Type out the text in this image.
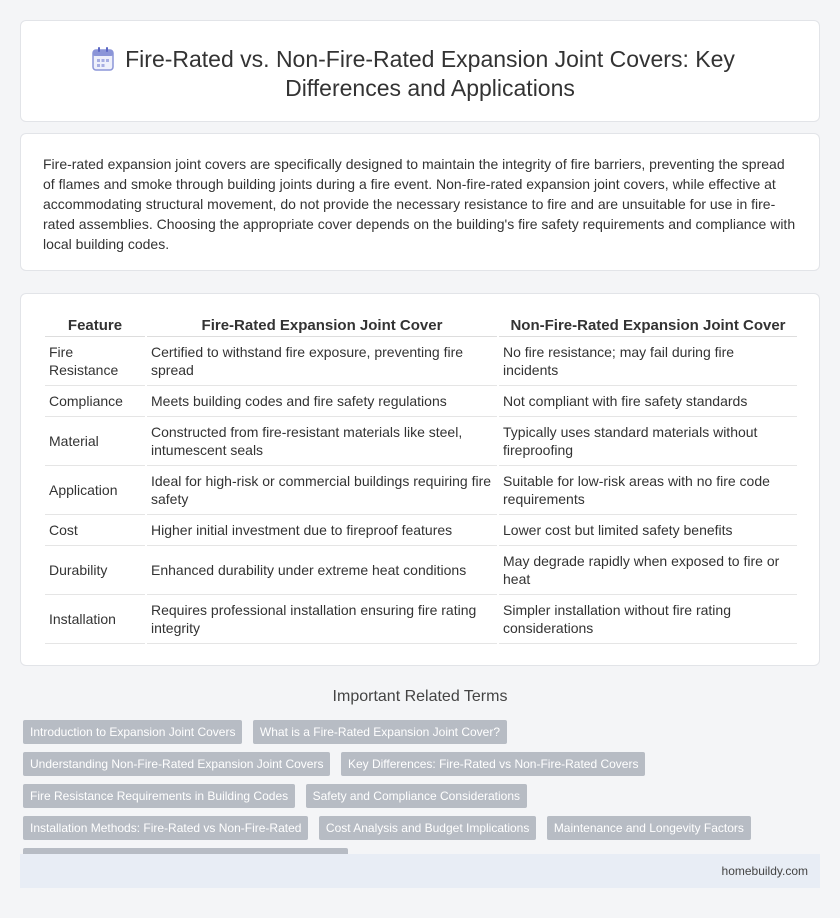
Fire-Rated vs. Non-Fire-Rated Expansion Joint Covers: Key Differences and Applications

Fire-rated expansion joint covers are specifically designed to maintain the integrity of fire barriers, preventing the spread of flames and smoke through building joints during a fire event. Non-fire-rated expansion joint covers, while effective at accommodating structural movement, do not provide the necessary resistance to fire and are unsuitable for use in fire-rated assemblies. Choosing the appropriate cover depends on the building's fire safety requirements and compliance with local building codes.

Feature	Fire-Rated Expansion Joint Cover	Non-Fire-Rated Expansion Joint Cover
Fire Resistance	Certified to withstand fire exposure, preventing fire spread	No fire resistance; may fail during fire incidents
Compliance	Meets building codes and fire safety regulations	Not compliant with fire safety standards
Material	Constructed from fire-resistant materials like steel, intumescent seals	Typically uses standard materials without fireproofing
Application	Ideal for high-risk or commercial buildings requiring fire safety	Suitable for low-risk areas with no fire code requirements
Cost	Higher initial investment due to fireproof features	Lower cost but limited safety benefits
Durability	Enhanced durability under extreme heat conditions	May degrade rapidly when exposed to fire or heat
Installation	Requires professional installation ensuring fire rating integrity	Simpler installation without fire rating considerations
Important Related Terms
Introduction to Expansion Joint Covers What is a Fire-Rated Expansion Joint Cover? Understanding Non-Fire-Rated Expansion Joint Covers Key Differences: Fire-Rated vs Non-Fire-Rated Covers Fire Resistance Requirements in Building Codes Safety and Compliance Considerations Installation Methods: Fire-Rated vs Non-Fire-Rated Cost Analysis and Budget Implications Maintenance and Longevity Factors
homebuildy.com
